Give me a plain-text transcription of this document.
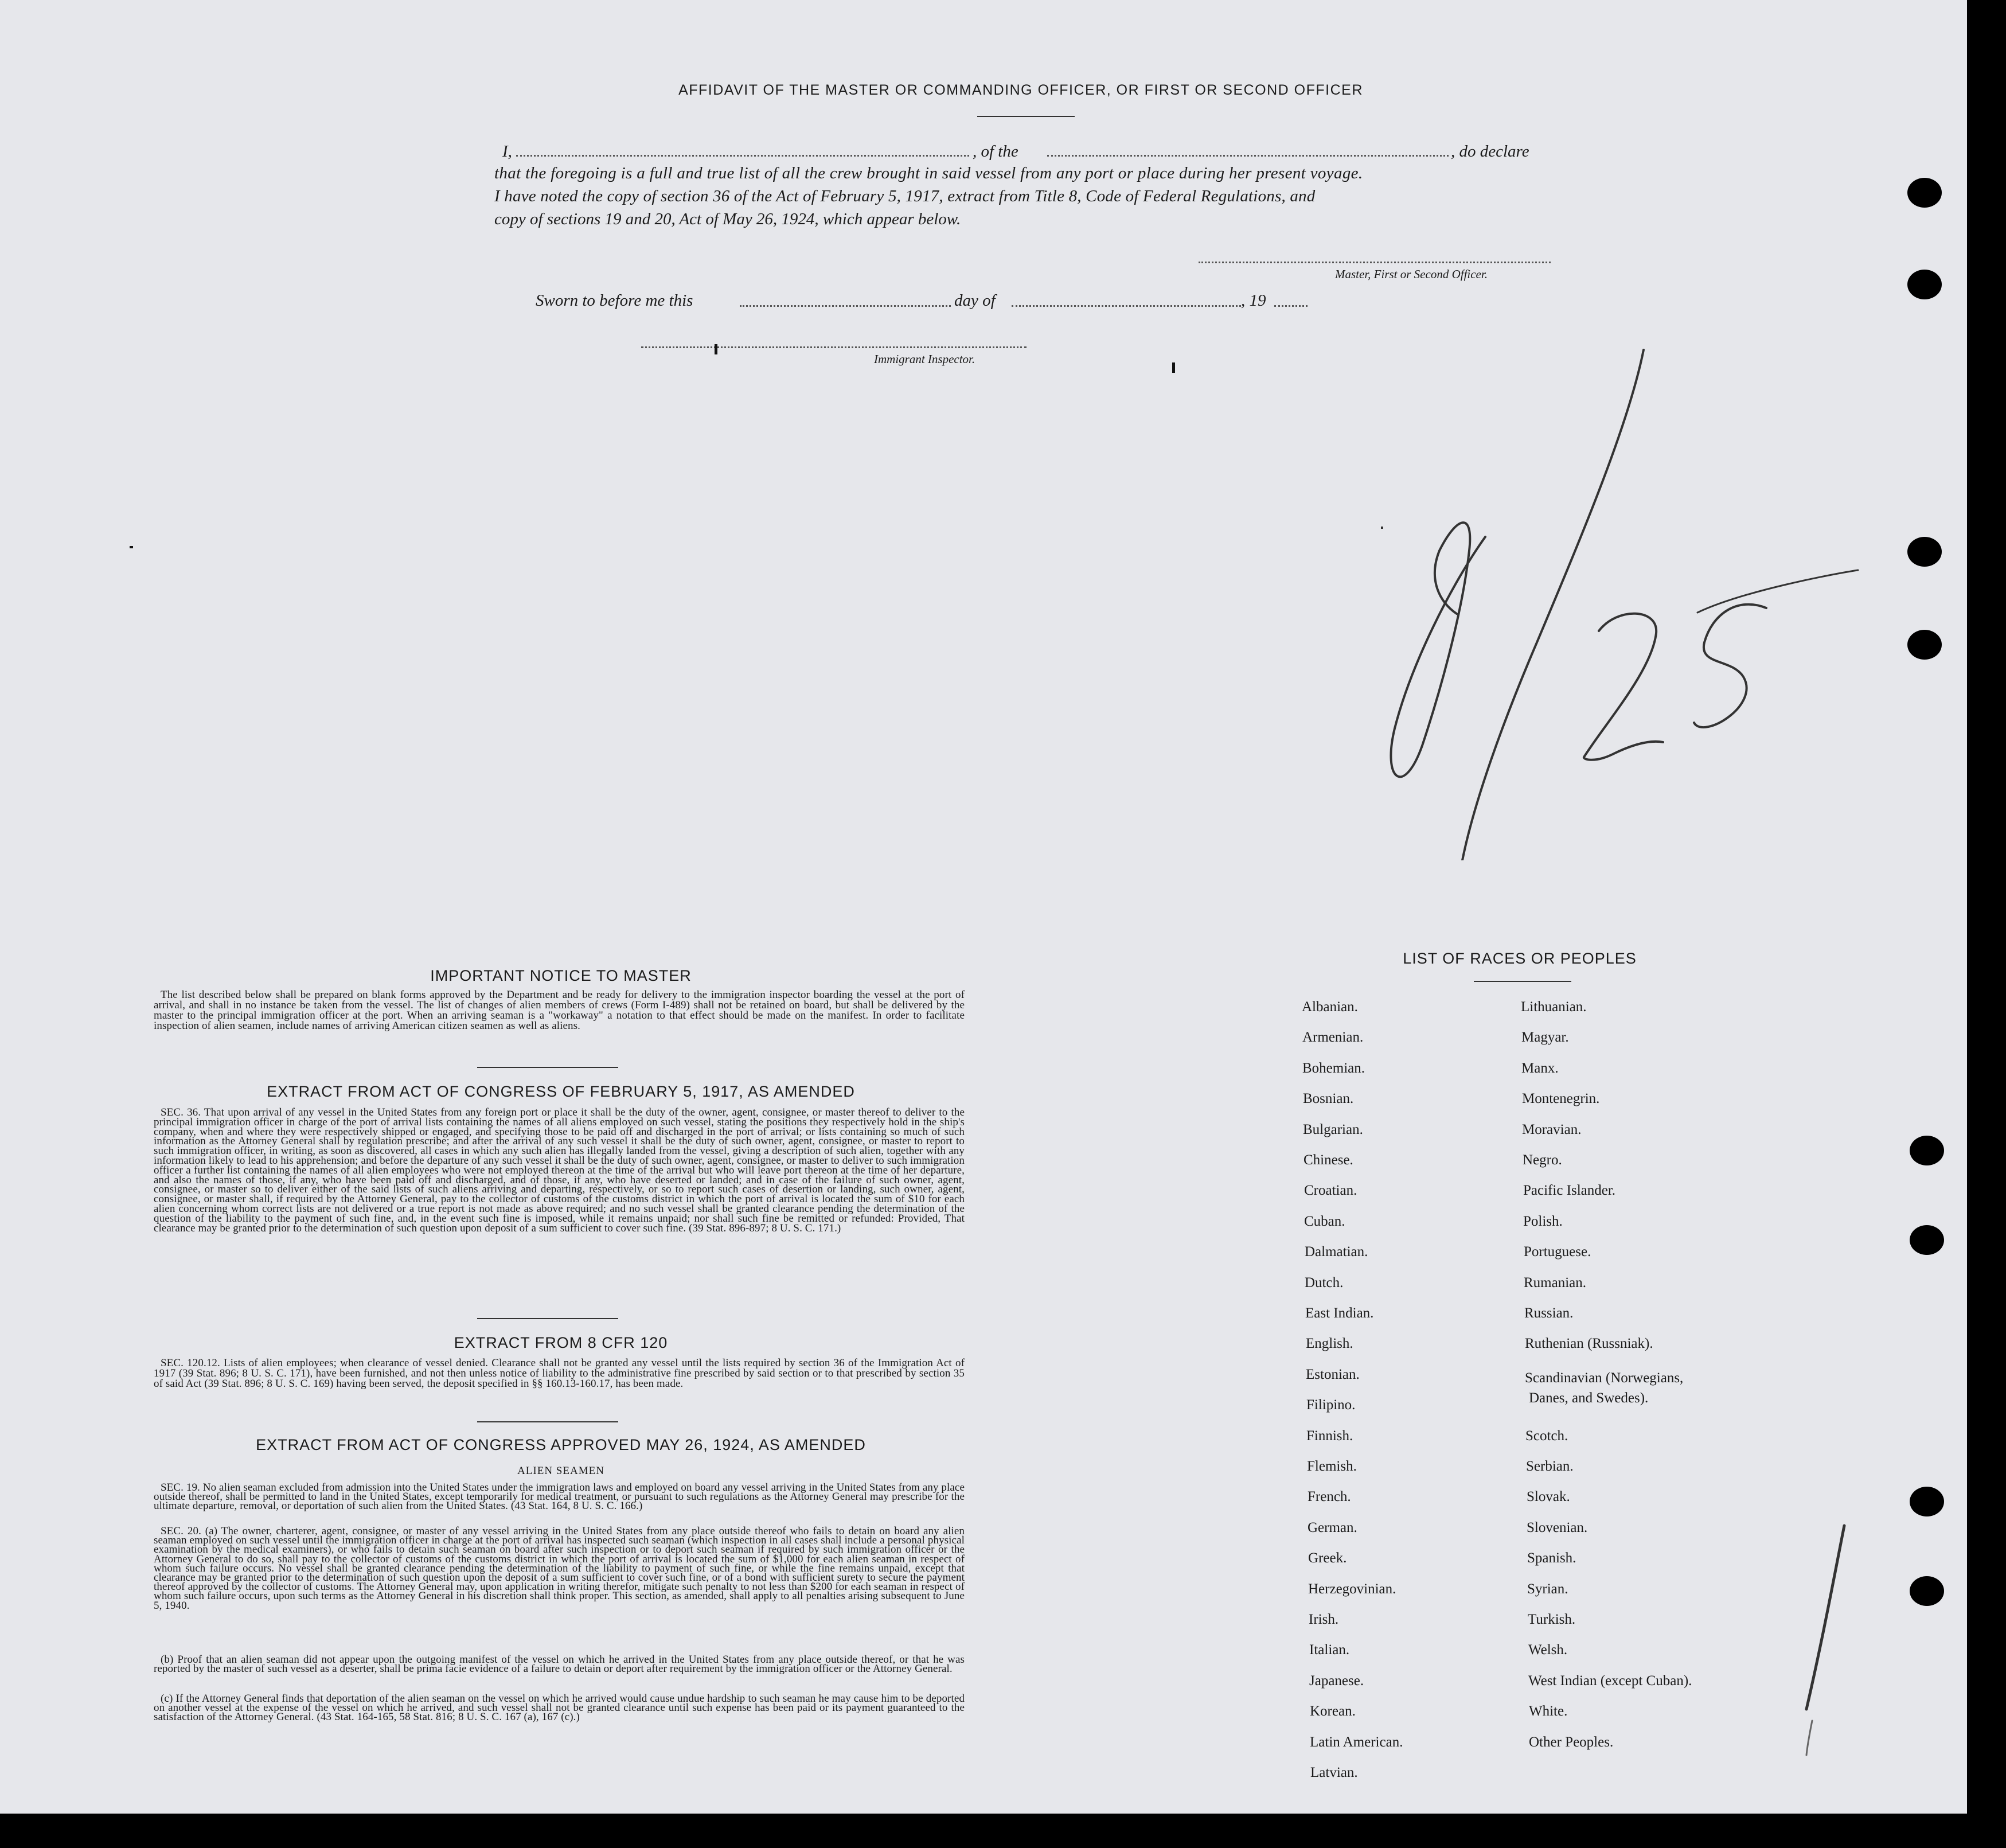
AFFIDAVIT OF THE MASTER OR COMMANDING OFFICER, OR FIRST OR SECOND OFFICER
I,	, of the	, do declare
that the foregoing is a full and true list of all the crew brought in said vessel from any port or place during her present voyage.
I have noted the copy of section 36 of the Act of February 5, 1917, extract from Title 8, Code of Federal Regulations, and
copy of sections 19 and 20, Act of May 26, 1924, which appear below.
Master, First or Second Officer.
Sworn to before me this	day of	, 19
Immigrant Inspector.
IMPORTANT NOTICE TO MASTER
The list described below shall be prepared on blank forms approved by the Department and be ready for delivery to the immigration inspector boarding the vessel at the port of arrival, and shall in no instance be taken from the vessel. The list of changes of alien members of crews (Form I-489) shall not be retained on board, but shall be delivered by the master to the principal immigration officer at the port. When an arriving seaman is a "workaway" a notation to that effect should be made on the manifest. In order to facilitate inspection of alien seamen, include names of arriving American citizen seamen as well as aliens.
EXTRACT FROM ACT OF CONGRESS OF FEBRUARY 5, 1917, AS AMENDED
SEC. 36. That upon arrival of any vessel in the United States from any foreign port or place it shall be the duty of the owner, agent, consignee, or master thereof to deliver to the principal immigration officer in charge of the port of arrival lists containing the names of all aliens employed on such vessel, stating the positions they respectively hold in the ship's company, when and where they were respectively shipped or engaged, and specifying those to be paid off and discharged in the port of arrival; or lists containing so much of such information as the Attorney General shall by regulation prescribe; and after the arrival of any such vessel it shall be the duty of such owner, agent, consignee, or master to report to such immigration officer, in writing, as soon as discovered, all cases in which any such alien has illegally landed from the vessel, giving a description of such alien, together with any information likely to lead to his apprehension; and before the departure of any such vessel it shall be the duty of such owner, agent, consignee, or master to deliver to such immigration officer a further list containing the names of all alien employees who were not employed thereon at the time of the arrival but who will leave port thereon at the time of her departure, and also the names of those, if any, who have been paid off and discharged, and of those, if any, who have deserted or landed; and in case of the failure of such owner, agent, consignee, or master so to deliver either of the said lists of such aliens arriving and departing, respectively, or so to report such cases of desertion or landing, such owner, agent, consignee, or master shall, if required by the Attorney General, pay to the collector of customs of the customs district in which the port of arrival is located the sum of $10 for each alien concerning whom correct lists are not delivered or a true report is not made as above required; and no such vessel shall be granted clearance pending the determination of the question of the liability to the payment of such fine, and, in the event such fine is imposed, while it remains unpaid; nor shall such fine be remitted or refunded: Provided, That clearance may be granted prior to the determination of such question upon deposit of a sum sufficient to cover such fine. (39 Stat. 896-897; 8 U. S. C. 171.)
EXTRACT FROM 8 CFR 120
SEC. 120.12. Lists of alien employees; when clearance of vessel denied. Clearance shall not be granted any vessel until the lists required by section 36 of the Immigration Act of 1917 (39 Stat. 896; 8 U. S. C. 171), have been furnished, and not then unless notice of liability to the administrative fine prescribed by said section or to that prescribed by section 35 of said Act (39 Stat. 896; 8 U. S. C. 169) having been served, the deposit specified in §§ 160.13-160.17, has been made.
EXTRACT FROM ACT OF CONGRESS APPROVED MAY 26, 1924, AS AMENDED
ALIEN SEAMEN
SEC. 19. No alien seaman excluded from admission into the United States under the immigration laws and employed on board any vessel arriving in the United States from any place outside thereof, shall be permitted to land in the United States, except temporarily for medical treatment, or pursuant to such regulations as the Attorney General may prescribe for the ultimate departure, removal, or deportation of such alien from the United States. (43 Stat. 164, 8 U. S. C. 166.)
SEC. 20. (a) The owner, charterer, agent, consignee, or master of any vessel arriving in the United States from any place outside thereof who fails to detain on board any alien seaman employed on such vessel until the immigration officer in charge at the port of arrival has inspected such seaman (which inspection in all cases shall include a personal physical examination by the medical examiners), or who fails to detain such seaman on board after such inspection or to deport such seaman if required by such immigration officer or the Attorney General to do so, shall pay to the collector of customs of the customs district in which the port of arrival is located the sum of $1,000 for each alien seaman in respect of whom such failure occurs. No vessel shall be granted clearance pending the determination of the liability to payment of such fine, or while the fine remains unpaid, except that clearance may be granted prior to the determination of such question upon the deposit of a sum sufficient to cover such fine, or of a bond with sufficient surety to secure the payment thereof approved by the collector of customs. The Attorney General may, upon application in writing therefor, mitigate such penalty to not less than $200 for each seaman in respect of whom such failure occurs, upon such terms as the Attorney General in his discretion shall think proper. This section, as amended, shall apply to all penalties arising subsequent to June 5, 1940.
(b) Proof that an alien seaman did not appear upon the outgoing manifest of the vessel on which he arrived in the United States from any place outside thereof, or that he was reported by the master of such vessel as a deserter, shall be prima facie evidence of a failure to detain or deport after requirement by the immigration officer or the Attorney General.
(c) If the Attorney General finds that deportation of the alien seaman on the vessel on which he arrived would cause undue hardship to such seaman he may cause him to be deported on another vessel at the expense of the vessel on which he arrived, and such vessel shall not be granted clearance until such expense has been paid or its payment guaranteed to the satisfaction of the Attorney General. (43 Stat. 164-165, 58 Stat. 816; 8 U. S. C. 167 (a), 167 (c).)
LIST OF RACES OR PEOPLES
Albanian.
Armenian.
Bohemian.
Bosnian.
Bulgarian.
Chinese.
Croatian.
Cuban.
Dalmatian.
Dutch.
East Indian.
English.
Estonian.
Filipino.
Finnish.
Flemish.
French.
German.
Greek.
Herzegovinian.
Irish.
Italian.
Japanese.
Korean.
Latin American.
Latvian.
Lithuanian.
Magyar.
Manx.
Montenegrin.
Moravian.
Negro.
Pacific Islander.
Polish.
Portuguese.
Rumanian.
Russian.
Ruthenian (Russniak).
Scandinavian (Norwegians,
Scotch.
Serbian.
Slovak.
Slovenian.
Spanish.
Syrian.
Turkish.
Welsh.
West Indian (except Cuban).
White.
Other Peoples.
Danes, and Swedes).
